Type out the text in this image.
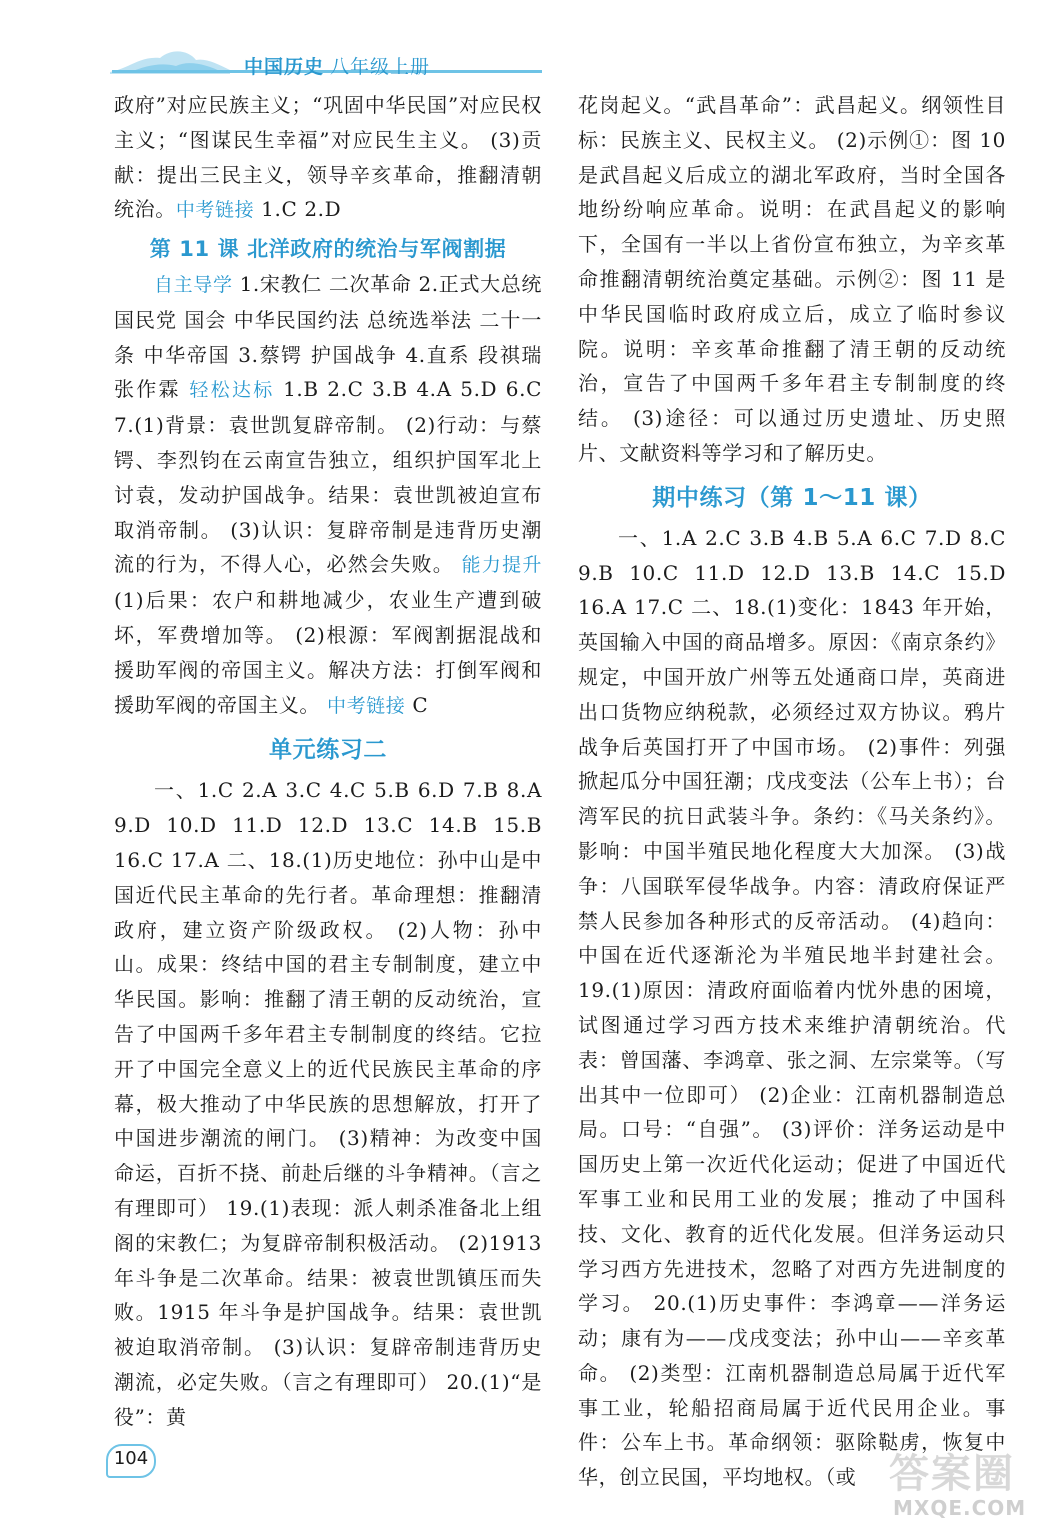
中国历史 八年级上册

政府”对应民族主义；“巩固中华民国”对应民权主义；“图谋民生幸福”对应民生主义。 (3)贡献：提出三民主义，领导辛亥革命，推翻清朝统治。中考链接 1.C 2.D

第 11 课 北洋政府的统治与军阀割据

自主导学 1.宋教仁 二次革命 2.正式大总统 国民党 国会 中华民国约法 总统选举法 二十一条 中华帝国 3.蔡锷 护国战争 4.直系 段祺瑞 张作霖 轻松达标 1.B 2.C 3.B 4.A 5.D 6.C 7.(1)背景：袁世凯复辟帝制。 (2)行动：与蔡锷、李烈钧在云南宣告独立，组织护国军北上讨袁，发动护国战争。结果：袁世凯被迫宣布取消帝制。 (3)认识：复辟帝制是违背历史潮流的行为，不得人心，必然会失败。 能力提升 (1)后果：农户和耕地减少，农业生产遭到破坏，军费增加等。 (2)根源：军阀割据混战和援助军阀的帝国主义。解决方法：打倒军阀和援助军阀的帝国主义。 中考链接 C

单元练习二

一、1.C 2.A 3.C 4.C 5.B 6.D 7.B 8.A 9.D 10.D 11.D 12.D 13.C 14.B 15.B 16.C 17.A 二、18.(1)历史地位：孙中山是中国近代民主革命的先行者。革命理想：推翻清政府，建立资产阶级政权。 (2)人物：孙中山。成果：终结中国的君主专制制度，建立中华民国。影响：推翻了清王朝的反动统治，宣告了中国两千多年君主专制制度的终结。它拉开了中国完全意义上的近代民族民主革命的序幕，极大推动了中华民族的思想解放，打开了中国进步潮流的闸门。 (3)精神：为改变中国命运，百折不挠、前赴后继的斗争精神。（言之有理即可） 19.(1)表现：派人刺杀准备北上组阁的宋教仁；为复辟帝制积极活动。 (2)1913 年斗争是二次革命。结果：被袁世凯镇压而失败。1915 年斗争是护国战争。结果：袁世凯被迫取消帝制。 (3)认识：复辟帝制违背历史潮流，必定失败。（言之有理即可） 20.(1)“是役”：黄

花岗起义。“武昌革命”：武昌起义。纲领性目标：民族主义、民权主义。 (2)示例①：图 10 是武昌起义后成立的湖北军政府，当时全国各地纷纷响应革命。说明：在武昌起义的影响下，全国有一半以上省份宣布独立，为辛亥革命推翻清朝统治奠定基础。示例②：图 11 是中华民国临时政府成立后，成立了临时参议院。说明：辛亥革命推翻了清王朝的反动统治，宣告了中国两千多年君主专制制度的终结。 (3)途径：可以通过历史遗址、历史照片、文献资料等学习和了解历史。

期中练习（第 1～11 课）

一、1.A 2.C 3.B 4.B 5.A 6.C 7.D 8.C 9.B 10.C 11.D 12.D 13.B 14.C 15.D 16.A 17.C 二、18.(1)变化：1843 年开始，英国输入中国的商品增多。原因：《南京条约》规定，中国开放广州等五处通商口岸，英商进出口货物应纳税款，必须经过双方协议。鸦片战争后英国打开了中国市场。 (2)事件：列强掀起瓜分中国狂潮；戊戌变法（公车上书）；台湾军民的抗日武装斗争。条约：《马关条约》。影响：中国半殖民地化程度大大加深。 (3)战争：八国联军侵华战争。内容：清政府保证严禁人民参加各种形式的反帝活动。 (4)趋向：中国在近代逐渐沦为半殖民地半封建社会。 19.(1)原因：清政府面临着内忧外患的困境，试图通过学习西方技术来维护清朝统治。代表：曾国藩、李鸿章、张之洞、左宗棠等。（写出其中一位即可） (2)企业：江南机器制造总局。口号：“自强”。 (3)评价：洋务运动是中国历史上第一次近代化运动；促进了中国近代军事工业和民用工业的发展；推动了中国科技、文化、教育的近代化发展。但洋务运动只学习西方先进技术，忽略了对西方先进制度的学习。 20.(1)历史事件：李鸿章——洋务运动；康有为——戊戌变法；孙中山——辛亥革命。 (2)类型：江南机器制造总局属于近代军事工业，轮船招商局属于近代民用企业。事件：公车上书。革命纲领：驱除鞑虏，恢复中华，创立民国，平均地权。（或

104	答案圈
MXQE.COM
